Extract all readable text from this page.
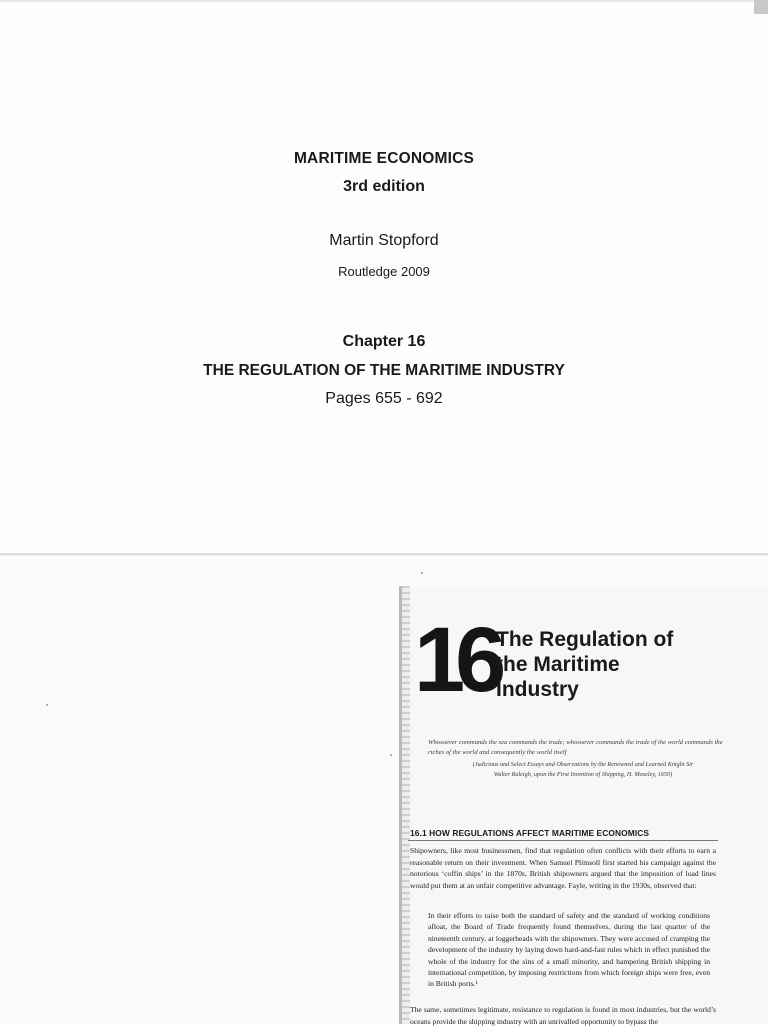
MARITIME ECONOMICS
3rd edition
Martin Stopford
Routledge 2009
Chapter 16
THE REGULATION OF THE MARITIME INDUSTRY
Pages 655 - 692
16 The Regulation of
the Maritime
Industry
Whosoever commands the sea commands the trade; whosoever commands the trade of the world commands the riches of the world and consequently the world itself
(Judicious and Select Essays and Observations by the Renowned and Learned Knight Sir
Walter Raleigh, upon the First Invention of Shipping, H. Moseley, 1650)
16.1 HOW REGULATIONS AFFECT MARITIME ECONOMICS
Shipowners, like most businessmen, find that regulation often conflicts with their efforts to earn a reasonable return on their investment. When Samuel Plimsoll first started his campaign against the notorious ‘coffin ships’ in the 1870s, British shipowners argued that the imposition of load lines would put them at an unfair competitive advantage. Fayle, writing in the 1930s, observed that:
In their efforts to raise both the standard of safety and the standard of working conditions afloat, the Board of Trade frequently found themselves, during the last quarter of the nineteenth century, at loggerheads with the shipowners. They were accused of cramping the development of the industry by laying down hard-and-fast rules which in effect punished the whole of the industry for the sins of a small minority, and hampering British shipping in international competition, by imposing restrictions from which foreign ships were free, even in British ports.¹
The same, sometimes legitimate, resistance to regulation is found in most industries, but the world’s oceans provide the shipping industry with an unrivalled opportunity to bypass the
